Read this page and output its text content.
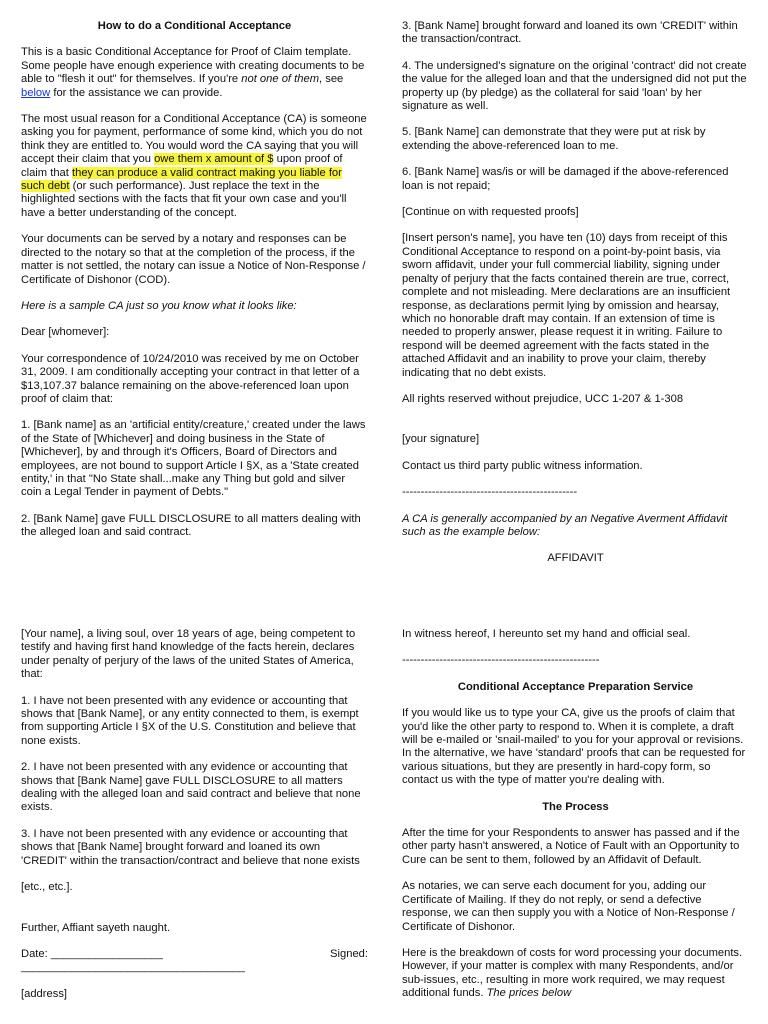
How to do a Conditional Acceptance

This is a basic Conditional Acceptance for Proof of Claim template. Some people have enough experience with creating documents to be able to "flesh it out" for themselves. If you're not one of them, see below for the assistance we can provide.

The most usual reason for a Conditional Acceptance (CA) is someone asking you for payment, performance of some kind, which you do not think they are entitled to. You would word the CA saying that you will accept their claim that you owe them x amount of $ upon proof of claim that they can produce a valid contract making you liable for such debt (or such performance). Just replace the text in the highlighted sections with the facts that fit your own case and you'll have a better understanding of the concept.

Your documents can be served by a notary and responses can be directed to the notary so that at the completion of the process, if the matter is not settled, the notary can issue a Notice of Non-Response / Certificate of Dishonor (COD).

Here is a sample CA just so you know what it looks like:

Dear [whomever]:

Your correspondence of 10/24/2010 was received by me on October 31, 2009. I am conditionally accepting your contract in that letter of a $13,107.37 balance remaining on the above-referenced loan upon proof of claim that:

1. [Bank name] as an 'artificial entity/creature,' created under the laws of the State of [Whichever] and doing business in the State of [Whichever], by and through it's Officers, Board of Directors and employees, are not bound to support Article I §X, as a 'State created entity,' in that "No State shall...make any Thing but gold and silver coin a Legal Tender in payment of Debts."

2. [Bank Name] gave FULL DISCLOSURE to all matters dealing with the alleged loan and said contract.

3. [Bank Name] brought forward and loaned its own 'CREDIT' within the transaction/contract.

4. The undersigned's signature on the original 'contract' did not create the value for the alleged loan and that the undersigned did not put the property up (by pledge) as the collateral for said 'loan' by her signature as well.

5. [Bank Name] can demonstrate that they were put at risk by extending the above-referenced loan to me.

6. [Bank Name] was/is or will be damaged if the above-referenced loan is not repaid;

[Continue on with requested proofs]

[Insert person's name], you have ten (10) days from receipt of this Conditional Acceptance to respond on a point-by-point basis, via sworn affidavit, under your full commercial liability, signing under penalty of perjury that the facts contained therein are true, correct, complete and not misleading. Mere declarations are an insufficient response, as declarations permit lying by omission and hearsay, which no honorable draft may contain. If an extension of time is needed to properly answer, please request it in writing. Failure to respond will be deemed agreement with the facts stated in the attached Affidavit and an inability to prove your claim, thereby indicating that no debt exists.

All rights reserved without prejudice, UCC 1-207 & 1-308

[your signature]

Contact us third party public witness information.

-----------------------------------------------

A CA is generally accompanied by an Negative Averment Affidavit such as the example below:

AFFIDAVIT

[Your name], a living soul, over 18 years of age, being competent to testify and having first hand knowledge of the facts herein, declares under penalty of perjury of the laws of the united States of America, that:

1. I have not been presented with any evidence or accounting that shows that [Bank Name], or any entity connected to them, is exempt from supporting Article I §X of the U.S. Constitution and believe that none exists.

2. I have not been presented with any evidence or accounting that shows that [Bank Name] gave FULL DISCLOSURE to all matters dealing with the alleged loan and said contract and believe that none exists.

3. I have not been presented with any evidence or accounting that shows that [Bank Name] brought forward and loaned its own 'CREDIT' within the transaction/contract and believe that none exists

[etc., etc.].

Further, Affiant sayeth naught.

Date: __________________	Signed:

____________________________________

[address]

In witness hereof, I hereunto set my hand and official seal.

-----------------------------------------------------

Conditional Acceptance Preparation Service

If you would like us to type your CA, give us the proofs of claim that you'd like the other party to respond to. When it is complete, a draft will be e-mailed or 'snail-mailed' to you for your approval or revisions. In the alternative, we have 'standard' proofs that can be requested for various situations, but they are presently in hard-copy form, so contact us with the type of matter you're dealing with.

The Process

After the time for your Respondents to answer has passed and if the other party hasn't answered, a Notice of Fault with an Opportunity to Cure can be sent to them, followed by an Affidavit of Default.

As notaries, we can serve each document for you, adding our Certificate of Mailing. If they do not reply, or send a defective response, we can then supply you with a Notice of Non-Response / Certificate of Dishonor.

Here is the breakdown of costs for word processing your documents. However, if your matter is complex with many Respondents, and/or sub-issues, etc., resulting in more work required, we may request additional funds. The prices below
